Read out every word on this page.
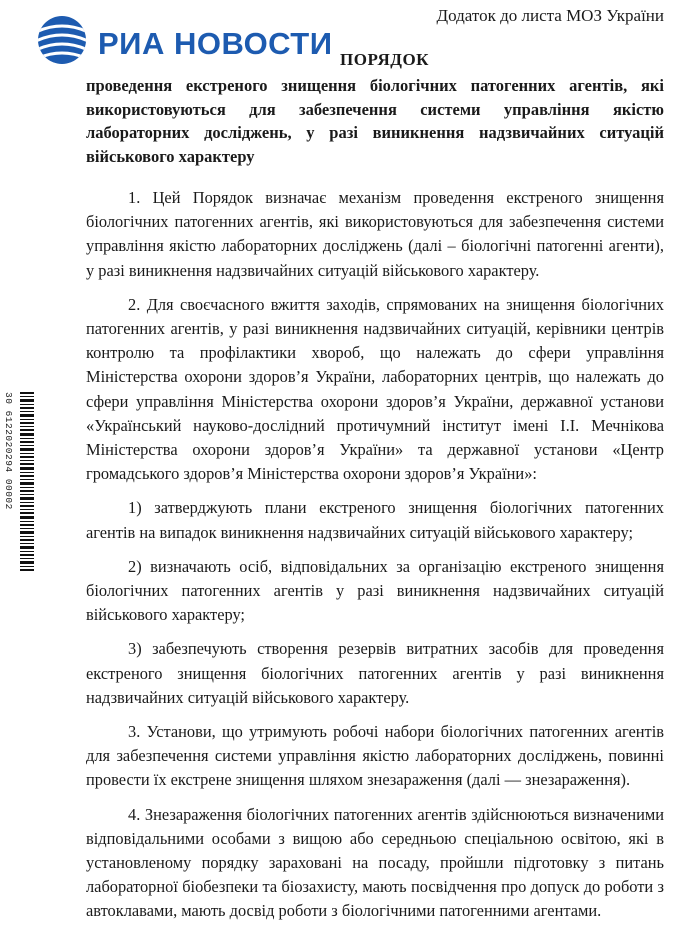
РИА НОВОСТИ
Додаток до листа МОЗ України
ПОРЯДОК

проведення екстреного знищення біологічних патогенних агентів, які використовуються для забезпечення системи управління якістю лабораторних досліджень, у разі виникнення надзвичайних ситуацій військового характеру

1. Цей Порядок визначає механізм проведення екстреного знищення біологічних патогенних агентів, які використовуються для забезпечення системи управління якістю лабораторних досліджень (далі – біологічні патогенні агенти), у разі виникнення надзвичайних ситуацій військового характеру.

2. Для своєчасного вжиття заходів, спрямованих на знищення біологічних патогенних агентів, у разі виникнення надзвичайних ситуацій, керівники центрів контролю та профілактики хвороб, що належать до сфери управління Міністерства охорони здоров’я України, лабораторних центрів, що належать до сфери управління Міністерства охорони здоров’я України, державної установи «Український науково-дослідний протичумний інститут імені І.І. Мечнікова Міністерства охорони здоров’я України» та державної установи «Центр громадського здоров’я Міністерства охорони здоров’я України»:

1) затверджують плани екстреного знищення біологічних патогенних агентів на випадок виникнення надзвичайних ситуацій військового характеру;

2) визначають осіб, відповідальних за організацію екстреного знищення біологічних патогенних агентів у разі виникнення надзвичайних ситуацій військового характеру;

3) забезпечують створення резервів витратних засобів для проведення екстреного знищення біологічних патогенних агентів у разі виникнення надзвичайних ситуацій військового характеру.

3. Установи, що утримують робочі набори біологічних патогенних агентів для забезпечення системи управління якістю лабораторних досліджень, повинні провести їх екстрене знищення шляхом знезараження (далі — знезараження).

4. Знезараження біологічних патогенних агентів здійснюються визначеними відповідальними особами з вищою або середньою спеціальною освітою, які в установленому порядку зараховані на посаду, пройшли підготовку з питань лабораторної біобезпеки та біозахисту, мають посвідчення про допуск до роботи з автоклавами, мають досвід роботи з біологічними патогенними агентами.

30 6122020294 00002
